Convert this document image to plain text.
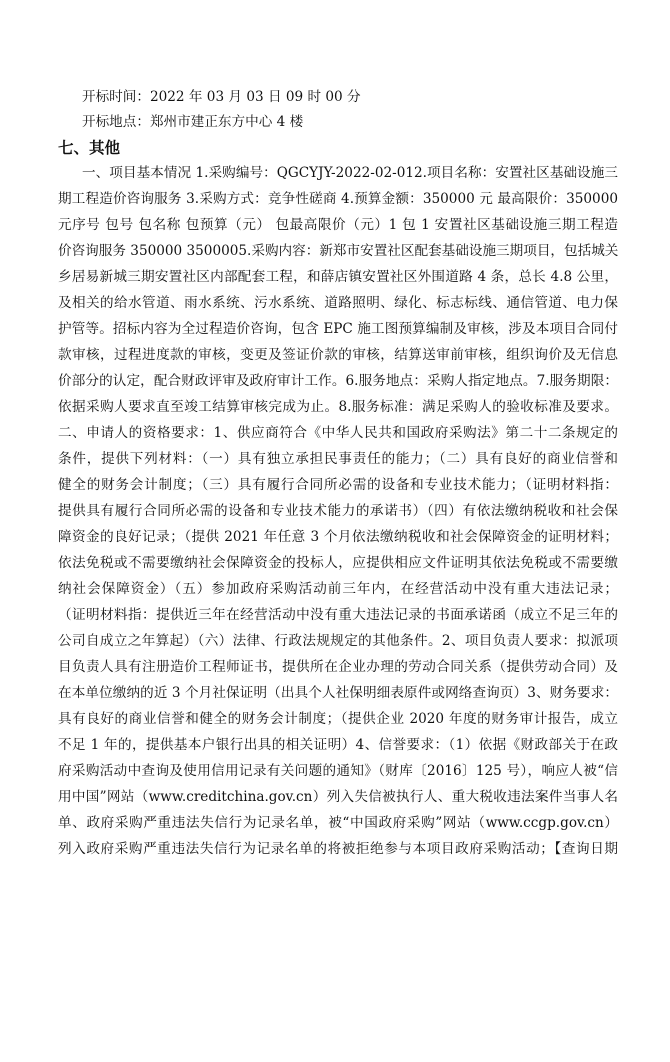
开标时间：2022 年 03 月 03 日 09 时 00 分
开标地点：郑州市建正东方中心 4 楼
七、其他
一、项目基本情况 1.采购编号：QGCYJY-2022-02-012.项目名称：安置社区基础设施三
期工程造价咨询服务 3.采购方式：竞争性磋商 4.预算金额：350000 元 最高限价：350000
元序号 包号 包名称 包预算（元） 包最高限价（元）1 包 1 安置社区基础设施三期工程造
价咨询服务 350000 3500005.采购内容：新郑市安置社区配套基础设施三期项目，包括城关
乡居易新城三期安置社区内部配套工程，和薛店镇安置社区外围道路 4 条，总长 4.8 公里，
及相关的给水管道、雨水系统、污水系统、道路照明、绿化、标志标线、通信管道、电力保
护管等。招标内容为全过程造价咨询，包含 EPC 施工图预算编制及审核，涉及本项目合同付
款审核，过程进度款的审核，变更及签证价款的审核，结算送审前审核，组织询价及无信息
价部分的认定，配合财政评审及政府审计工作。6.服务地点：采购人指定地点。7.服务期限：
依据采购人要求直至竣工结算审核完成为止。8.服务标准：满足采购人的验收标准及要求。
二、申请人的资格要求：1、供应商符合《中华人民共和国政府采购法》第二十二条规定的
条件，提供下列材料：（一）具有独立承担民事责任的能力；（二）具有良好的商业信誉和
健全的财务会计制度；（三）具有履行合同所必需的设备和专业技术能力；（证明材料指：
提供具有履行合同所必需的设备和专业技术能力的承诺书）（四）有依法缴纳税收和社会保
障资金的良好记录；（提供 2021 年任意 3 个月依法缴纳税收和社会保障资金的证明材料；
依法免税或不需要缴纳社会保障资金的投标人，应提供相应文件证明其依法免税或不需要缴
纳社会保障资金）（五）参加政府采购活动前三年内，在经营活动中没有重大违法记录；
（证明材料指：提供近三年在经营活动中没有重大违法记录的书面承诺函（成立不足三年的
公司自成立之年算起）（六）法律、行政法规规定的其他条件。2、项目负责人要求：拟派项
目负责人具有注册造价工程师证书，提供所在企业办理的劳动合同关系（提供劳动合同）及
在本单位缴纳的近 3 个月社保证明（出具个人社保明细表原件或网络查询页）3、财务要求：
具有良好的商业信誉和健全的财务会计制度；（提供企业 2020 年度的财务审计报告，成立
不足 1 年的，提供基本户银行出具的相关证明）4、信誉要求：（1）依据《财政部关于在政
府采购活动中查询及使用信用记录有关问题的通知》（财库〔2016〕125 号），响应人被“信
用中国”网站（www.creditchina.gov.cn）列入失信被执行人、重大税收违法案件当事人名
单、政府采购严重违法失信行为记录名单，被“中国政府采购”网站（www.ccgp.gov.cn）
列入政府采购严重违法失信行为记录名单的将被拒绝参与本项目政府采购活动；【查询日期
